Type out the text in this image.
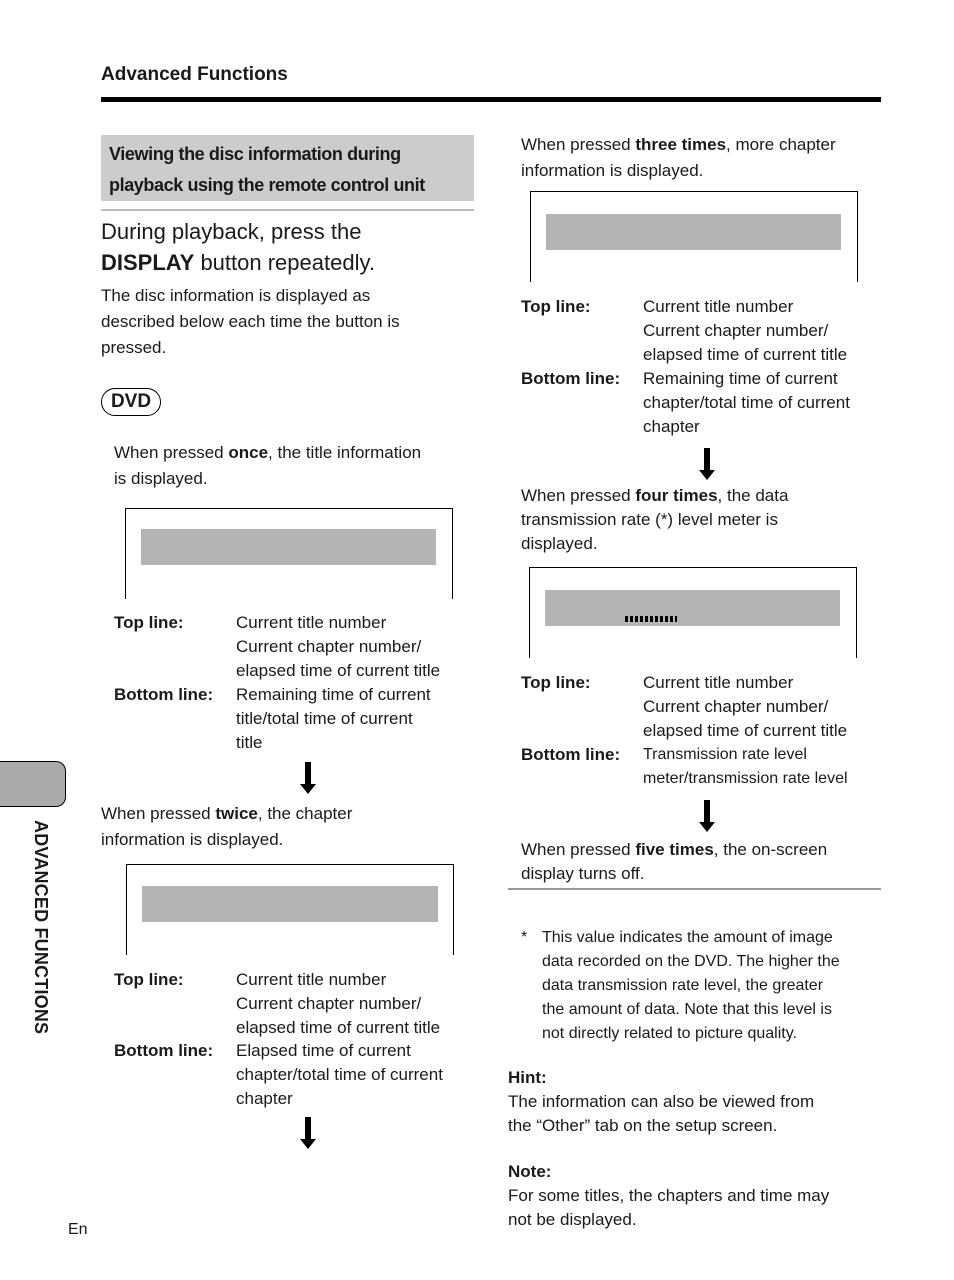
Advanced Functions
Viewing the disc information during
playback using the remote control unit
During playback, press the
DISPLAY button repeatedly.
The disc information is displayed as
described below each time the button is
pressed.
DVD
When pressed once, the title information
is displayed.
Top line:	Current title number
Current chapter number/
elapsed time of current title
Bottom line: Remaining time of current
title/total time of current
title
When pressed twice, the chapter
information is displayed.
Top line:	Current title number
Current chapter number/
elapsed time of current title
Bottom line: Elapsed time of current
chapter/total time of current
chapter
When pressed three times, more chapter
information is displayed.
Top line:	Current title number
Current chapter number/
elapsed time of current title
Bottom line: Remaining time of current
chapter/total time of current
chapter
When pressed four times, the data
transmission rate (*) level meter is
displayed.
Top line:	Current title number
Current chapter number/
elapsed time of current title
Bottom line: Transmission rate level
meter/transmission rate level
When pressed five times, the on-screen
display turns off.
* This value indicates the amount of image
data recorded on the DVD. The higher the
data transmission rate level, the greater
the amount of data. Note that this level is
not directly related to picture quality.
Hint:
The information can also be viewed from
the “Other” tab on the setup screen.
Note:
For some titles, the chapters and time may
not be displayed.
ADVANCED FUNCTIONS
En
